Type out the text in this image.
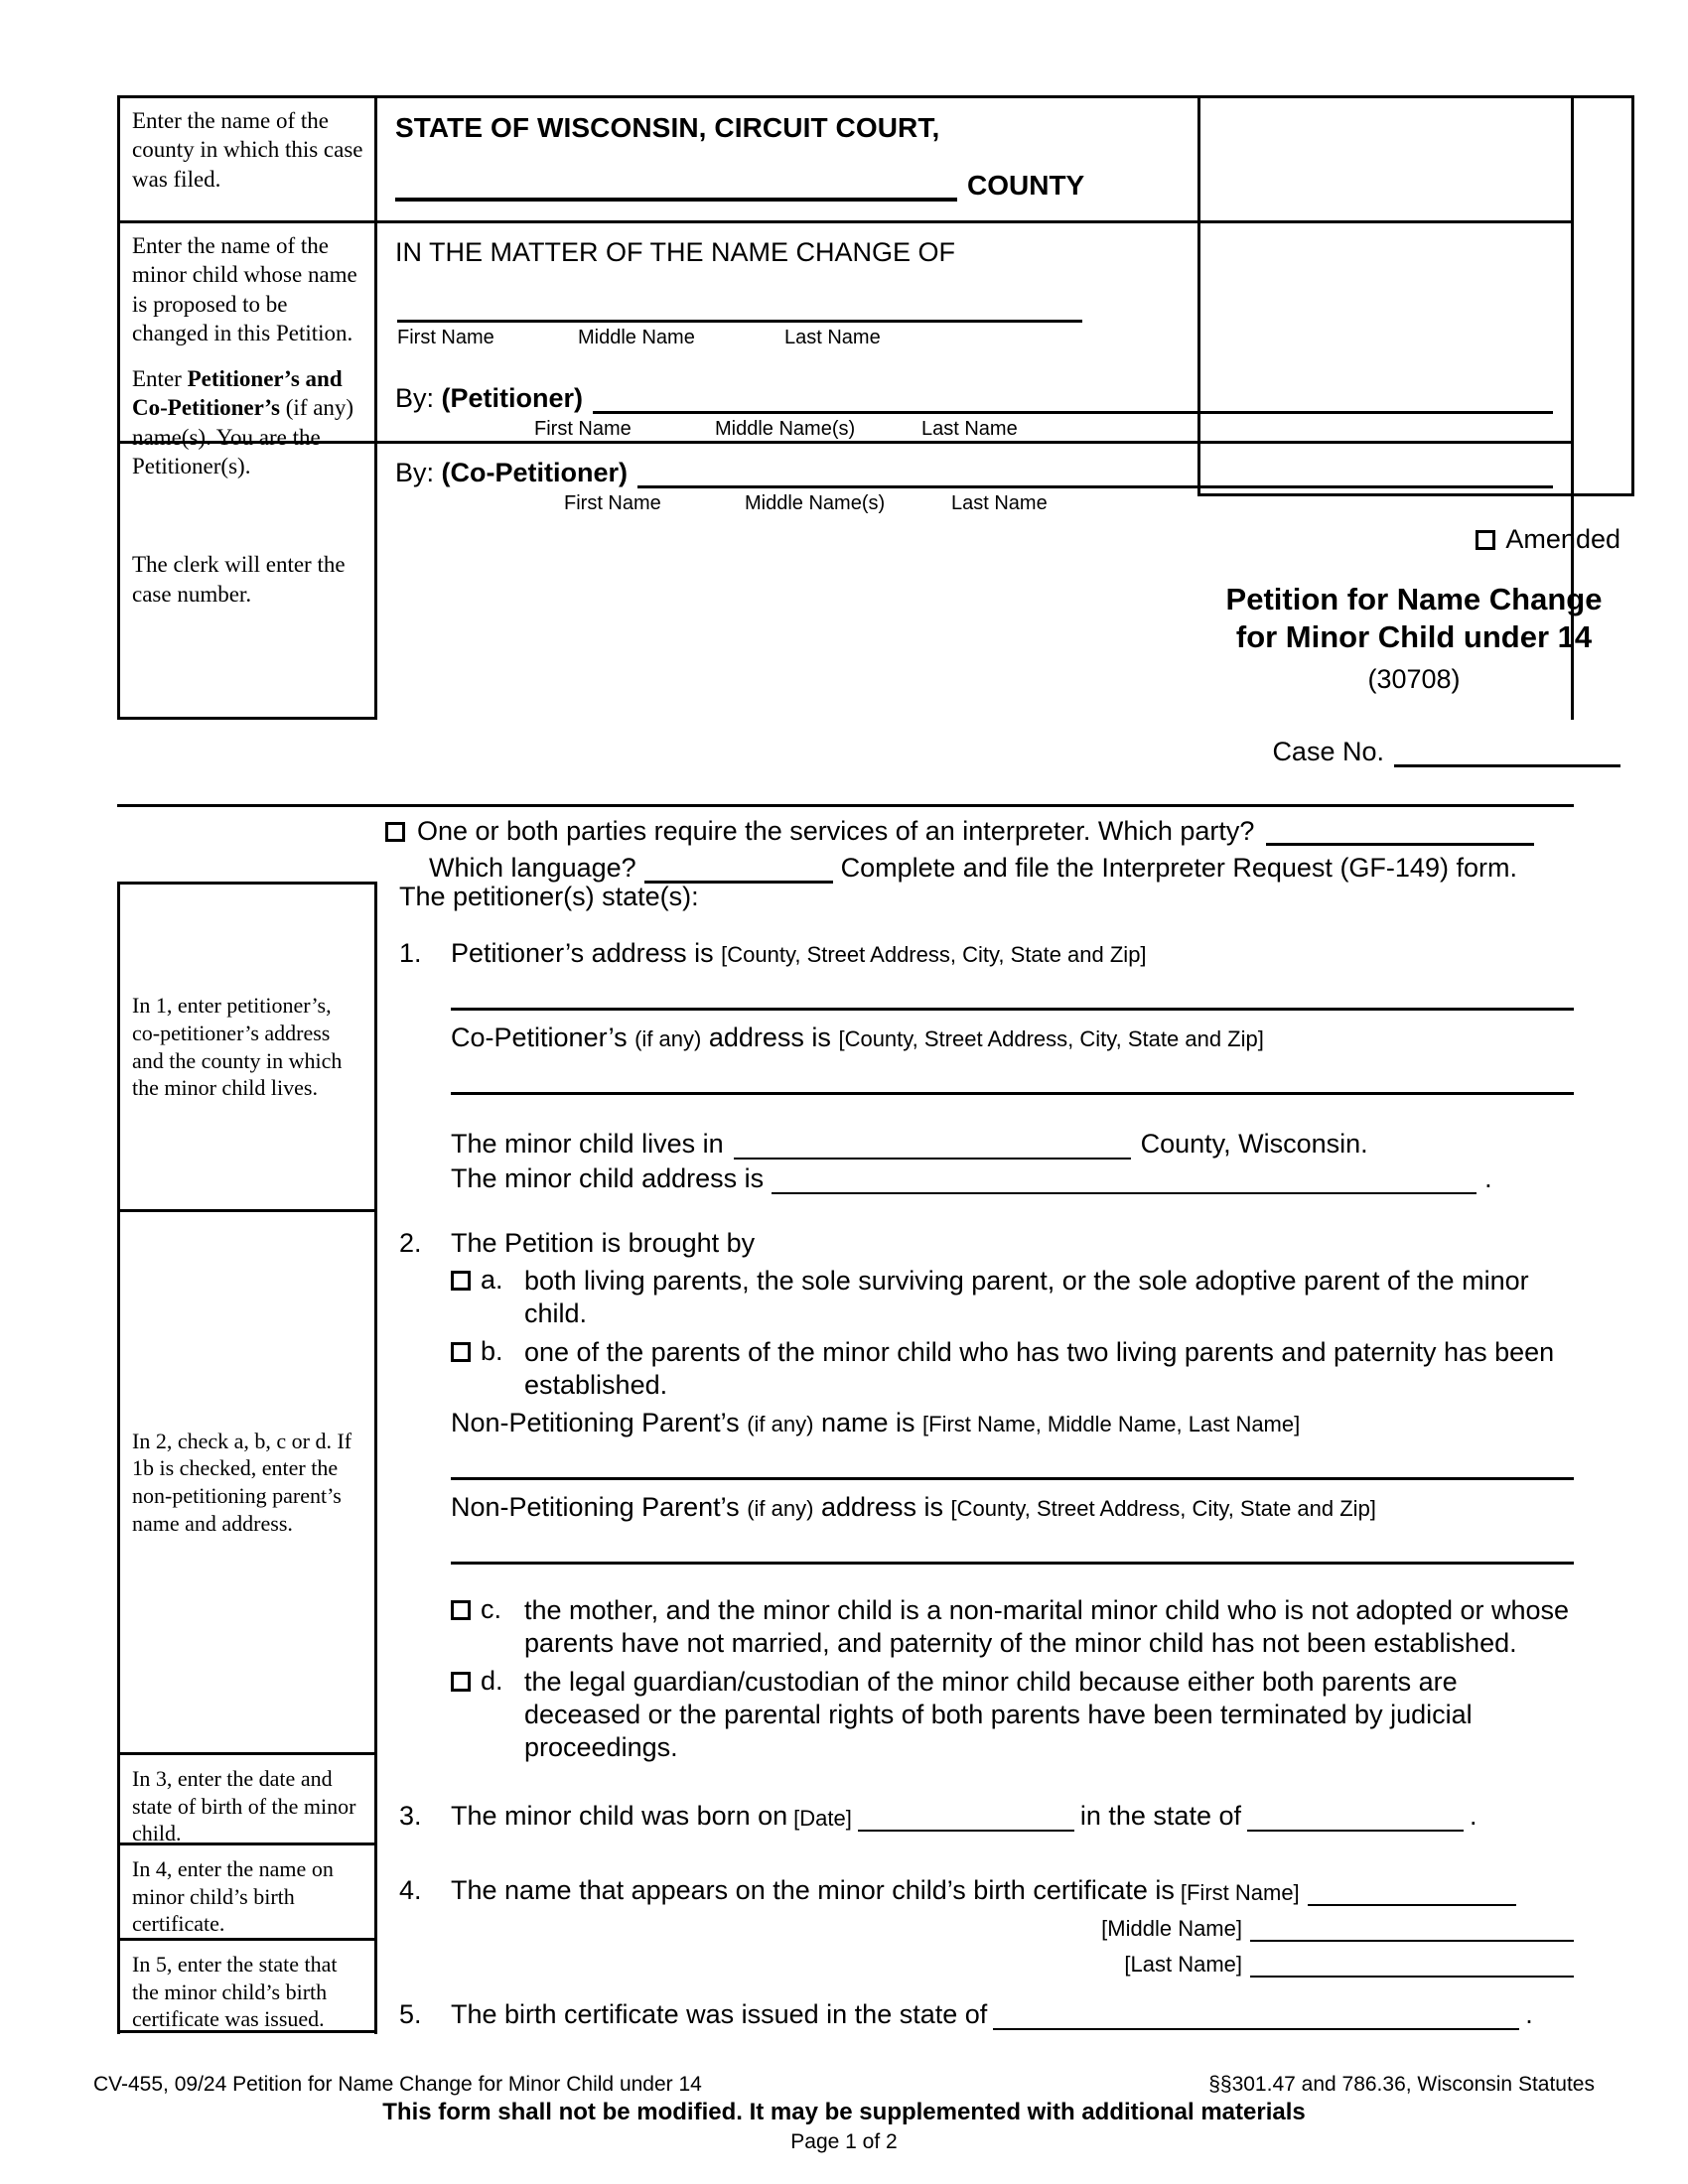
Enter the name of the county in which this case was filed.

Enter the name of the minor child whose name is proposed to be changed in this Petition.

Enter Petitioner’s and Co-Petitioner’s (if any) name(s). You are the Petitioner(s).

The clerk will enter the case number.

STATE OF WISCONSIN, CIRCUIT COURT,
COUNTY
IN THE MATTER OF THE NAME CHANGE OF
First Name	Middle Name	Last Name
By: (Petitioner)
First Name	Middle Name(s)	Last Name
By: (Co-Petitioner)
First Name	Middle Name(s)	Last Name
Amended
Petition for Name Change
for Minor Child under 14
(30708)
Case No.
One or both parties require the services of an interpreter. Which party?
Which language?	Complete and file the Interpreter Request (GF-149) form.
In 1, enter petitioner’s, co-petitioner’s address and the county in which the minor child lives.
In 2, check a, b, c or d. If 1b is checked, enter the non-petitioning parent’s name and address.
In 3, enter the date and state of birth of the minor child.
In 4, enter the name on minor child’s birth certificate.
In 5, enter the state that the minor child’s birth certificate was issued.
The petitioner(s) state(s):
1.	Petitioner’s address is [County, Street Address, City, State and Zip]
Co-Petitioner’s (if any) address is [County, Street Address, City, State and Zip]
The minor child lives in	County, Wisconsin.
The minor child address is	.
2.	The Petition is brought by
a. both living parents, the sole surviving parent, or the sole adoptive parent of the minor child.
b. one of the parents of the minor child who has two living parents and paternity has been established.
Non-Petitioning Parent’s (if any) name is [First Name, Middle Name, Last Name]
Non-Petitioning Parent’s (if any) address is [County, Street Address, City, State and Zip]
c. the mother, and the minor child is a non-marital minor child who is not adopted or whose parents have not married, and paternity of the minor child has not been established.
d. the legal guardian/custodian of the minor child because either both parents are deceased or the parental rights of both parents have been terminated by judicial proceedings.
3.	The minor child was born on [Date]	in the state of	.
4.	The name that appears on the minor child’s birth certificate is [First Name]
[Middle Name]
[Last Name]
5.	The birth certificate was issued in the state of	.
CV-455, 09/24 Petition for Name Change for Minor Child under 14	§§301.47 and 786.36, Wisconsin Statutes
This form shall not be modified. It may be supplemented with additional materials
Page 1 of 2
